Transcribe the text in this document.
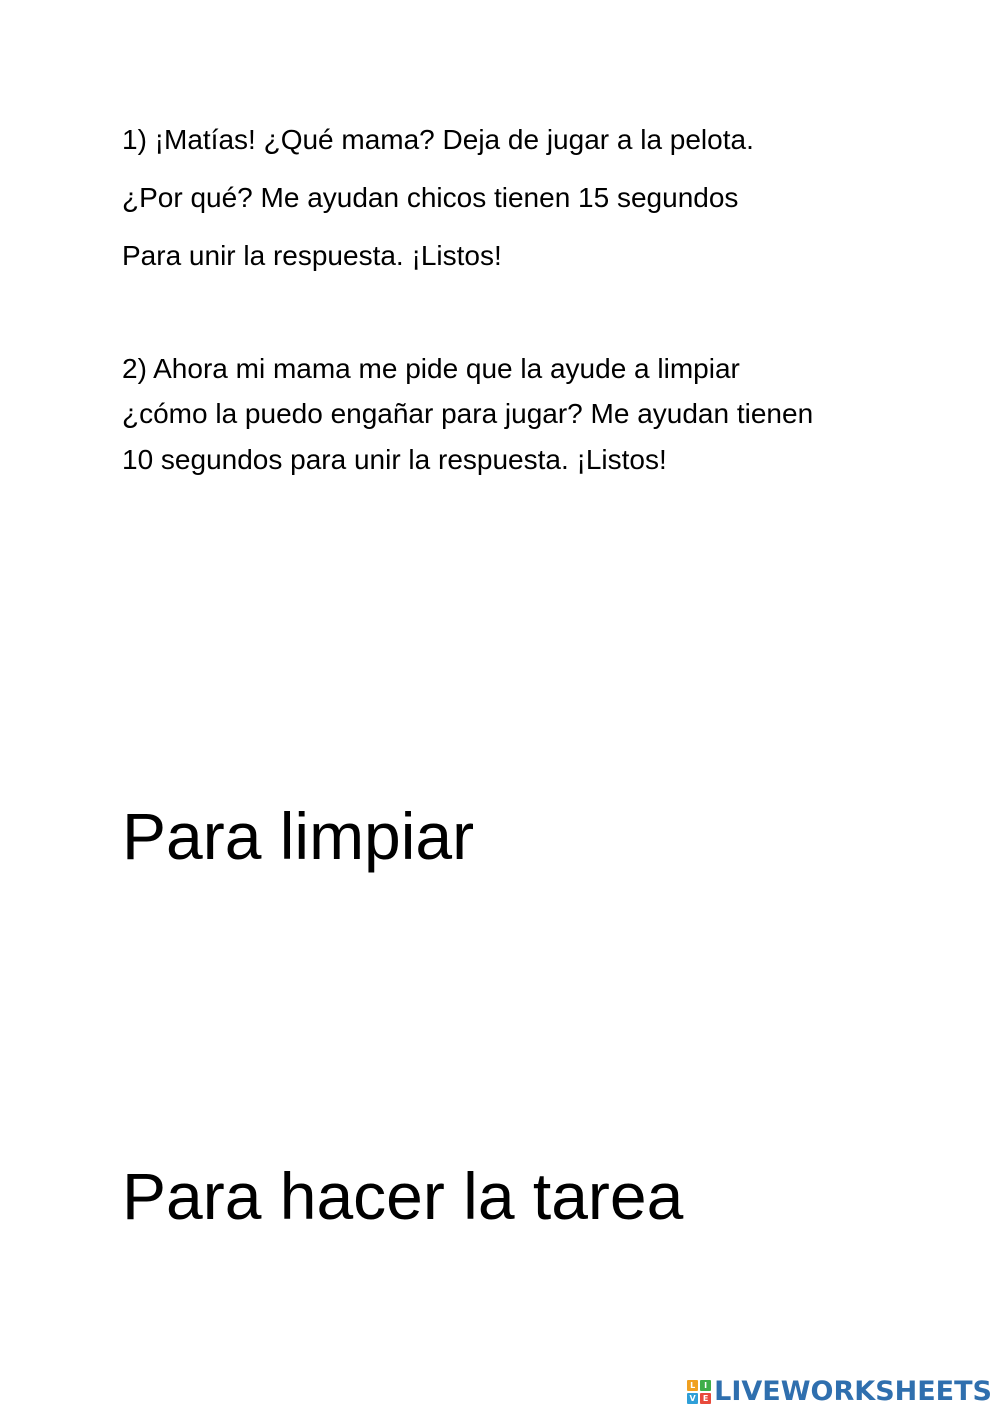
1) ¡Matías! ¿Qué mama? Deja de jugar a la pelota.
¿Por qué? Me ayudan chicos tienen 15 segundos
Para unir la respuesta. ¡Listos!
2) Ahora mi mama me pide que la ayude a limpiar
¿cómo la puedo engañar para jugar? Me ayudan tienen
10 segundos para unir la respuesta. ¡Listos!
Para limpiar
Para hacer la tarea
L	I
V E LIVEWORKSHEETS
